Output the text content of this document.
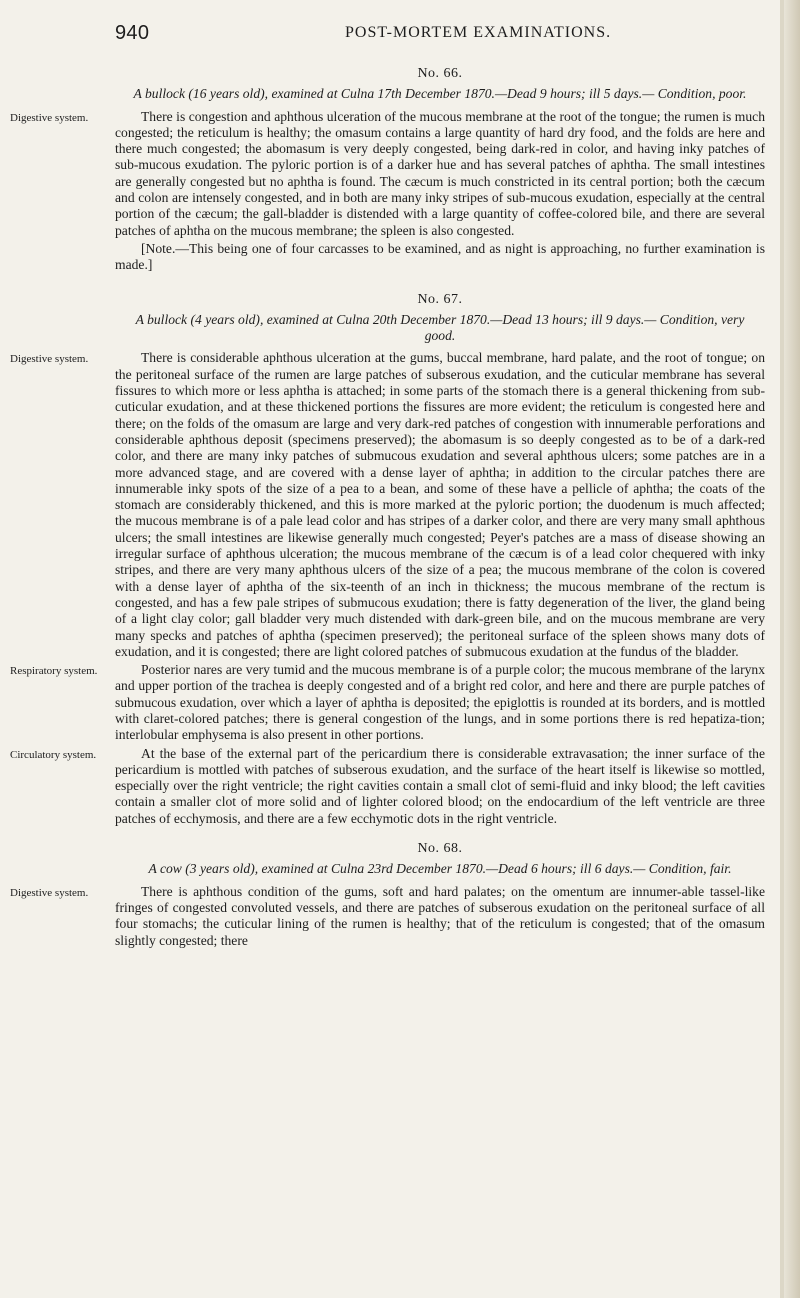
940	POST-MORTEM EXAMINATIONS.

No. 66.

A bullock (16 years old), examined at Culna 17th December 1870.—Dead 9 hours; ill 5 days.— Condition, poor.

Digestive system.	There is congestion and aphthous ulceration of the mucous membrane at the root of the tongue; the rumen is much congested; the reticulum is healthy; the omasum contains a large quantity of hard dry food, and the folds are here and there much congested; the abomasum is very deeply congested, being dark-red in color, and having inky patches of sub-mucous exudation. The pyloric portion is of a darker hue and has several patches of aphtha. The small intestines are generally congested but no aphtha is found. The cæcum is much constricted in its central portion; both the cæcum and colon are intensely congested, and in both are many inky stripes of sub-mucous exudation, especially at the central portion of the cæcum; the gall-bladder is distended with a large quantity of coffee-colored bile, and there are several patches of aphtha on the mucous membrane; the spleen is also congested.

[Note.—This being one of four carcasses to be examined, and as night is approaching, no further examination is made.]

No. 67.

A bullock (4 years old), examined at Culna 20th December 1870.—Dead 13 hours; ill 9 days.— Condition, very good.

Digestive system.	There is considerable aphthous ulceration at the gums, buccal membrane, hard palate, and the root of tongue; on the peritoneal surface of the rumen are large patches of subserous exudation, and the cuticular membrane has several fissures to which more or less aphtha is attached; in some parts of the stomach there is a general thickening from sub-cuticular exudation, and at these thickened portions the fissures are more evident; the reticulum is congested here and there; on the folds of the omasum are large and very dark-red patches of congestion with innumerable perforations and considerable aphthous deposit (specimens preserved); the abomasum is so deeply congested as to be of a dark-red color, and there are many inky patches of submucous exudation and several aphthous ulcers; some patches are in a more advanced stage, and are covered with a dense layer of aphtha; in addition to the circular patches there are innumerable inky spots of the size of a pea to a bean, and some of these have a pellicle of aphtha; the coats of the stomach are considerably thickened, and this is more marked at the pyloric portion; the duodenum is much affected; the mucous membrane is of a pale lead color and has stripes of a darker color, and there are very many small aphthous ulcers; the small intestines are likewise generally much congested; Peyer's patches are a mass of disease showing an irregular surface of aphthous ulceration; the mucous membrane of the cæcum is of a lead color chequered with inky stripes, and there are very many aphthous ulcers of the size of a pea; the mucous membrane of the colon is covered with a dense layer of aphtha of the six-teenth of an inch in thickness; the mucous membrane of the rectum is congested, and has a few pale stripes of submucous exudation; there is fatty degeneration of the liver, the gland being of a light clay color; gall bladder very much distended with dark-green bile, and on the mucous membrane are very many specks and patches of aphtha (specimen preserved); the peritoneal surface of the spleen shows many dots of exudation, and it is congested; there are light colored patches of submucous exudation at the fundus of the bladder.
Respiratory system.	Posterior nares are very tumid and the mucous membrane is of a purple color; the mucous membrane of the larynx and upper portion of the trachea is deeply congested and of a bright red color, and here and there are purple patches of submucous exudation, over which a layer of aphtha is deposited; the epiglottis is rounded at its borders, and is mottled with claret-colored patches; there is general congestion of the lungs, and in some portions there is red hepatiza-tion; interlobular emphysema is also present in other portions.
Circulatory system.	At the base of the external part of the pericardium there is considerable extravasation; the inner surface of the pericardium is mottled with patches of subserous exudation, and the surface of the heart itself is likewise so mottled, especially over the right ventricle; the right cavities contain a small clot of semi-fluid and inky blood; the left cavities contain a smaller clot of more solid and of lighter colored blood; on the endocardium of the left ventricle are three patches of ecchymosis, and there are a few ecchymotic dots in the right ventricle.

No. 68.

A cow (3 years old), examined at Culna 23rd December 1870.—Dead 6 hours; ill 6 days.— Condition, fair.

Digestive system.	There is aphthous condition of the gums, soft and hard palates; on the omentum are innumer-able tassel-like fringes of congested convoluted vessels, and there are patches of subserous exudation on the peritoneal surface of all four stomachs; the cuticular lining of the rumen is healthy; that of the reticulum is congested; that of the omasum slightly congested; there
